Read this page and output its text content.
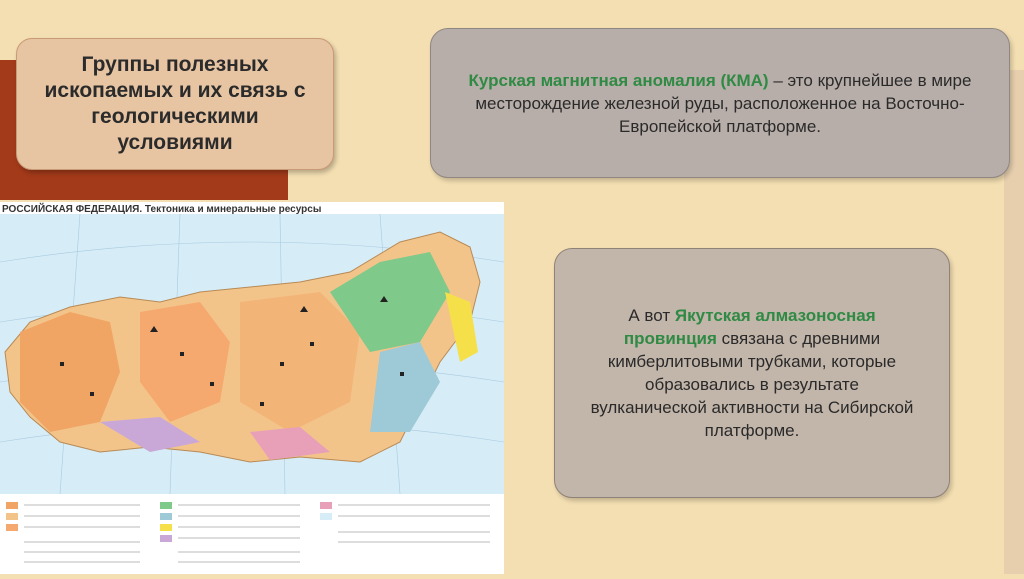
Группы полезных ископаемых и их связь с геологическими условиями

Курская магнитная аномалия (КМА) – это крупнейшее в мире месторождение железной руды, расположенное на Восточно-Европейской платформе.

А вот Якутская алмазоносная провинция связана с древними кимберлитовыми трубками, которые образовались в результате вулканической активности на Сибирской платформе.

РОССИЙСКАЯ ФЕДЕРАЦИЯ. Тектоника и минеральные ресурсы
